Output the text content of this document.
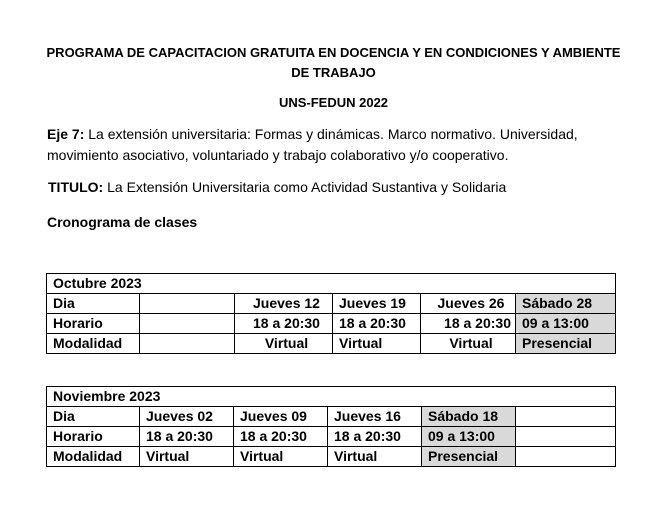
PROGRAMA DE CAPACITACION GRATUITA EN DOCENCIA Y EN CONDICIONES Y AMBIENTE DE TRABAJO
UNS-FEDUN 2022
Eje 7: La extensión universitaria: Formas y dinámicas. Marco normativo. Universidad, movimiento asociativo, voluntariado y trabajo colaborativo y/o cooperativo.
TITULO: La Extensión Universitaria como Actividad Sustantiva y Solidaria
Cronograma de clases
Octubre 2023					
Dia		Jueves 12	Jueves 19	Jueves 26	Sábado 28
Horario		18 a 20:30	18 a 20:30	18 a 20:30	09 a 13:00
Modalidad		Virtual	Virtual	Virtual	Presencial
Noviembre 2023					
Dia	Jueves 02	Jueves 09	Jueves 16	Sábado 18	
Horario	18 a 20:30	18 a 20:30	18 a 20:30	09 a 13:00	
Modalidad	Virtual	Virtual	Virtual	Presencial	
